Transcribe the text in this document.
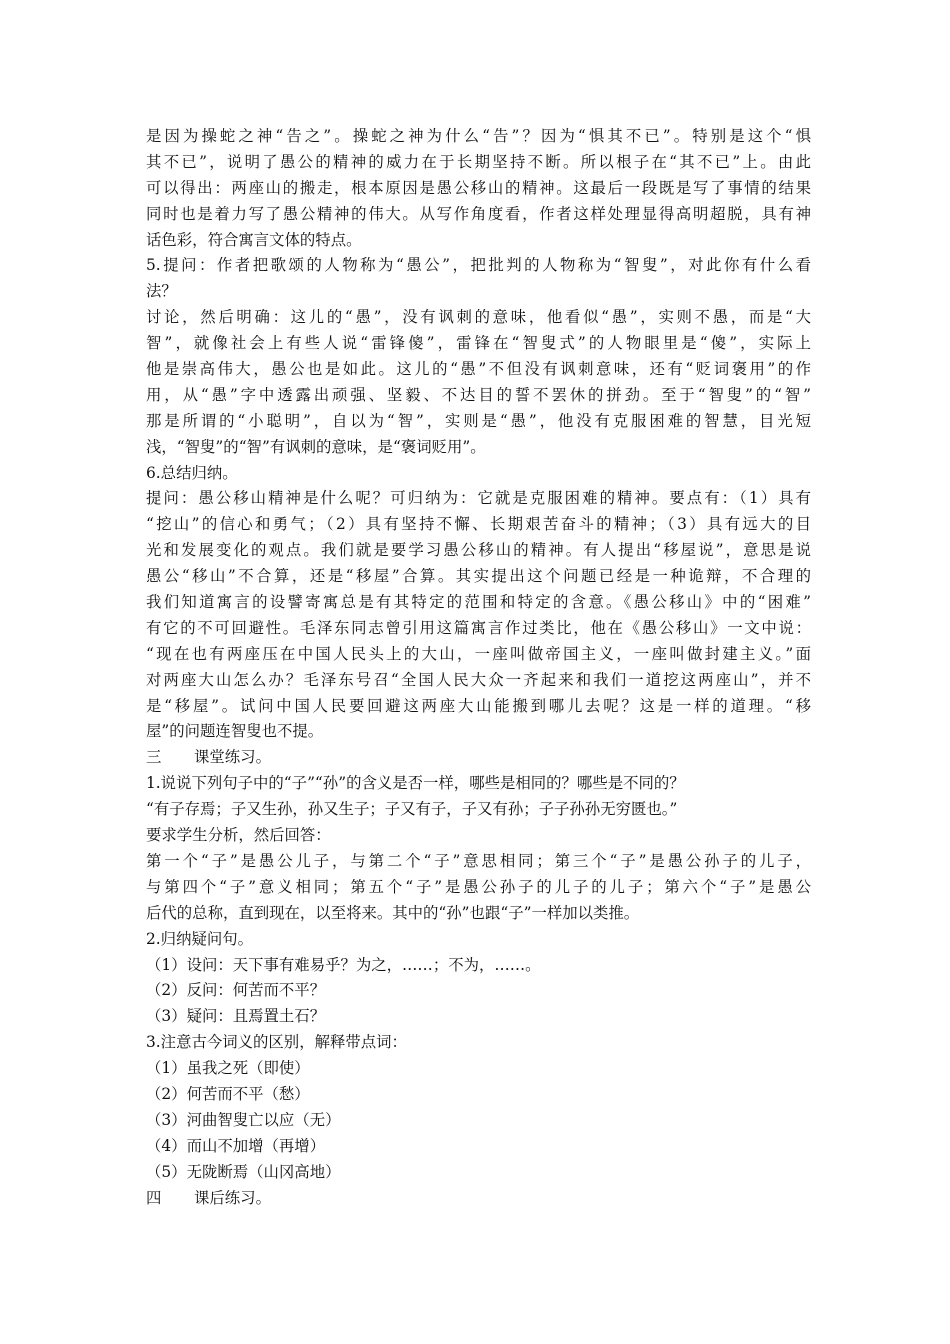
是因为操蛇之神“告之”。操蛇之神为什么“告”？因为“惧其不已”。特别是这个“惧
其不已”，说明了愚公的精神的威力在于长期坚持不断。所以根子在“其不已”上。由此
可以得出：两座山的搬走，根本原因是愚公移山的精神。这最后一段既是写了事情的结果
同时也是着力写了愚公精神的伟大。从写作角度看，作者这样处理显得高明超脱，具有神
话色彩，符合寓言文体的特点。
5.提问：作者把歌颂的人物称为“愚公”，把批判的人物称为“智叟”，对此你有什么看
法？
讨论，然后明确：这儿的“愚”，没有讽刺的意味，他看似“愚”，实则不愚，而是“大
智”，就像社会上有些人说“雷锋傻”，雷锋在“智叟式”的人物眼里是“傻”，实际上
他是崇高伟大，愚公也是如此。这儿的“愚”不但没有讽刺意味，还有“贬词褒用”的作
用，从“愚”字中透露出顽强、坚毅、不达目的誓不罢休的拼劲。至于“智叟”的“智”
那是所谓的“小聪明”，自以为“智”，实则是“愚”，他没有克服困难的智慧，目光短
浅，“智叟”的“智”有讽刺的意味，是“褒词贬用”。
6.总结归纳。
提问：愚公移山精神是什么呢？可归纳为：它就是克服困难的精神。要点有：（1）具有
“挖山”的信心和勇气；（2）具有坚持不懈、长期艰苦奋斗的精神；（3）具有远大的目
光和发展变化的观点。我们就是要学习愚公移山的精神。有人提出“移屋说”，意思是说
愚公“移山”不合算，还是“移屋”合算。其实提出这个问题已经是一种诡辩，不合理的
我们知道寓言的设譬寄寓总是有其特定的范围和特定的含意。《愚公移山》中的“困难”
有它的不可回避性。毛泽东同志曾引用这篇寓言作过类比，他在《愚公移山》一文中说：
“现在也有两座压在中国人民头上的大山，一座叫做帝国主义，一座叫做封建主义。”面
对两座大山怎么办？毛泽东号召“全国人民大众一齐起来和我们一道挖这两座山”，并不
是“移屋”。试问中国人民要回避这两座大山能搬到哪儿去呢？这是一样的道理。“移
屋”的问题连智叟也不提。
三 课堂练习。
1.说说下列句子中的“子”“孙”的含义是否一样，哪些是相同的？哪些是不同的？
“有子存焉；子又生孙，孙又生子；子又有子，子又有孙；子子孙孙无穷匮也。”
要求学生分析，然后回答：
第一个“子”是愚公儿子，与第二个“子”意思相同；第三个“子”是愚公孙子的儿子，
与第四个“子”意义相同；第五个“子”是愚公孙子的儿子的儿子；第六个“子”是愚公
后代的总称，直到现在，以至将来。其中的“孙”也跟“子”一样加以类推。
2.归纳疑问句。
（1）设问：天下事有难易乎？为之，……；不为，……。
（2）反问：何苦而不平？
（3）疑问：且焉置土石？
3.注意古今词义的区别，解释带点词：
（1）虽我之死（即使）
（2）何苦而不平（愁）
（3）河曲智叟亡以应（无）
（4）而山不加增（再增）
（5）无陇断焉（山冈高地）
四 课后练习。
